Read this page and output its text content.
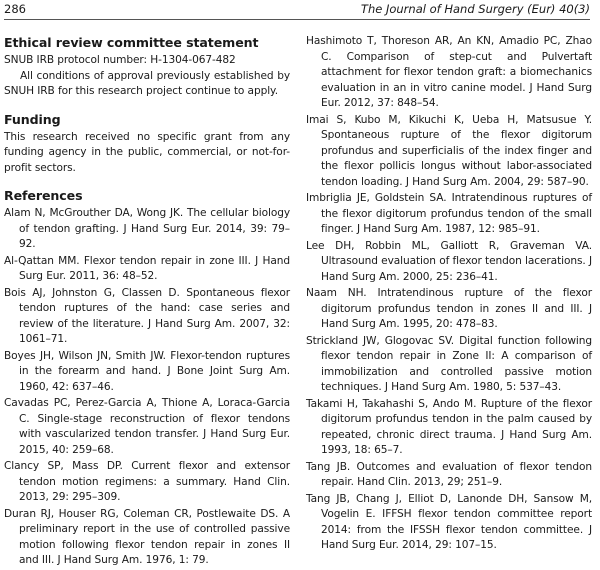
286	The Journal of Hand Surgery (Eur) 40(3)
Ethical review committee statement

SNUB IRB protocol number: H-1304-067-482

All conditions of approval previously established by SNUH IRB for this research project continue to apply.

Funding

This research received no specific grant from any funding agency in the public, commercial, or not-for-profit sectors.

References

Alam N, McGrouther DA, Wong JK. The cellular biology of tendon grafting. J Hand Surg Eur. 2014, 39: 79–92.

Al-Qattan MM. Flexor tendon repair in zone III. J Hand Surg Eur. 2011, 36: 48–52.

Bois AJ, Johnston G, Classen D. Spontaneous flexor tendon ruptures of the hand: case series and review of the literature. J Hand Surg Am. 2007, 32: 1061–71.

Boyes JH, Wilson JN, Smith JW. Flexor-tendon ruptures in the forearm and hand. J Bone Joint Surg Am. 1960, 42: 637–46.

Cavadas PC, Perez-Garcia A, Thione A, Loraca-Garcia C. Single-stage reconstruction of flexor tendons with vascularized tendon transfer. J Hand Surg Eur. 2015, 40: 259–68.

Clancy SP, Mass DP. Current flexor and extensor tendon motion regimens: a summary. Hand Clin. 2013, 29: 295–309.

Duran RJ, Houser RG, Coleman CR, Postlewaite DS. A preliminary report in the use of controlled passive motion following flexor tendon repair in zones II and III. J Hand Surg Am. 1976, 1: 79.

Hashimoto T, Thoreson AR, An KN, Amadio PC, Zhao C. Comparison of step-cut and Pulvertaft attachment for flexor tendon graft: a biomechanics evaluation in an in vitro canine model. J Hand Surg Eur. 2012, 37: 848–54.

Imai S, Kubo M, Kikuchi K, Ueba H, Matsusue Y. Spontaneous rupture of the flexor digitorum profundus and superficialis of the index finger and the flexor pollicis longus without labor-associated tendon loading. J Hand Surg Am. 2004, 29: 587–90.

Imbriglia JE, Goldstein SA. Intratendinous ruptures of the flexor digitorum profundus tendon of the small finger. J Hand Surg Am. 1987, 12: 985–91.

Lee DH, Robbin ML, Galliott R, Graveman VA. Ultrasound evaluation of flexor tendon lacerations. J Hand Surg Am. 2000, 25: 236–41.

Naam NH. Intratendinous rupture of the flexor digitorum profundus tendon in zones II and III. J Hand Surg Am. 1995, 20: 478–83.

Strickland JW, Glogovac SV. Digital function following flexor tendon repair in Zone II: A comparison of immobilization and controlled passive motion techniques. J Hand Surg Am. 1980, 5: 537–43.

Takami H, Takahashi S, Ando M. Rupture of the flexor digitorum profundus tendon in the palm caused by repeated, chronic direct trauma. J Hand Surg Am. 1993, 18: 65–7.

Tang JB. Outcomes and evaluation of flexor tendon repair. Hand Clin. 2013, 29; 251–9.

Tang JB, Chang J, Elliot D, Lanonde DH, Sansow M, Vogelin E. IFFSH flexor tendon committee report 2014: from the IFSSH flexor tendon committee. J Hand Surg Eur. 2014, 29: 107–15.
